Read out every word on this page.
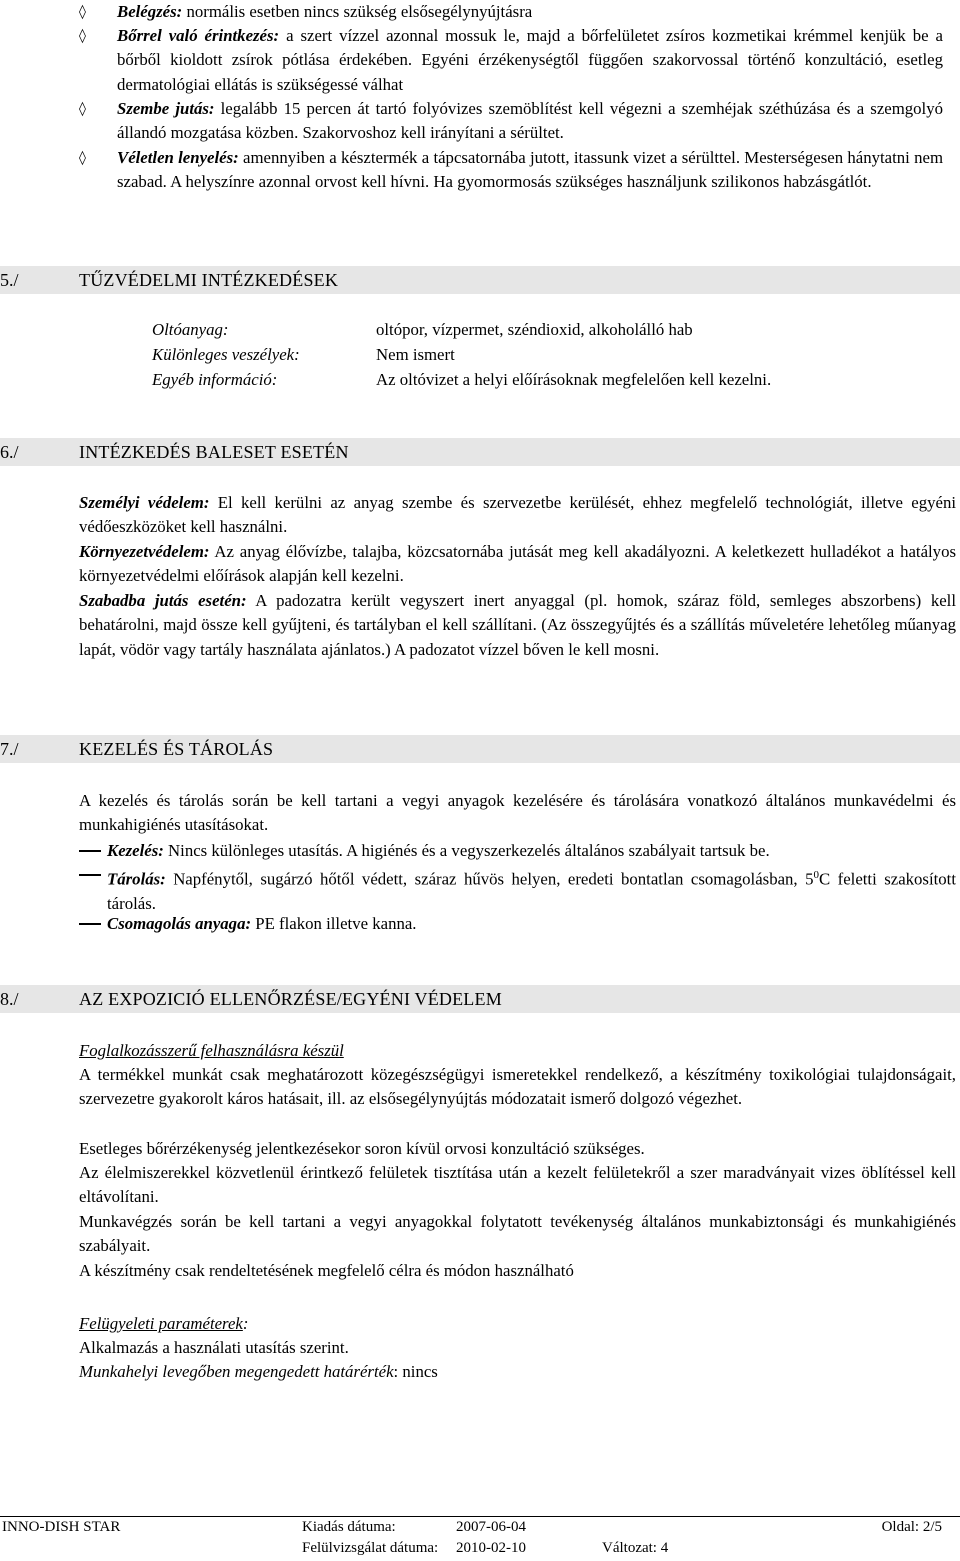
◊ Belégzés: normális esetben nincs szükség elsősegélynyújtásra
◊ Bőrrel való érintkezés: a szert vízzel azonnal mossuk le, majd a bőrfelületet zsíros kozmetikai krémmel kenjük be a bőrből kioldott zsírok pótlása érdekében. Egyéni érzékenységtől függően szakorvossal történő konzultáció, esetleg dermatológiai ellátás is szükségessé válhat
◊ Szembe jutás: legalább 15 percen át tartó folyóvizes szemöblítést kell végezni a szemhéjak széthúzása és a szemgolyó állandó mozgatása közben. Szakorvoshoz kell irányítani a sérültet.
◊ Véletlen lenyelés: amennyiben a késztermék a tápcsatornába jutott, itassunk vizet a sérülttel. Mesterségesen hánytatni nem szabad. A helyszínre azonnal orvost kell hívni. Ha gyomormosás szükséges használjunk szilikonos habzásgátlót.
5./	TŰZVÉDELMI INTÉZKEDÉSEK
Oltóanyag:	oltópor, vízpermet, széndioxid, alkoholálló hab
Különleges veszélyek:	Nem ismert
Egyéb információ:	Az oltóvizet a helyi előírásoknak megfelelően kell kezelni.
6./	INTÉZKEDÉS BALESET ESETÉN
Személyi védelem: El kell kerülni az anyag szembe és szervezetbe kerülését, ehhez megfelelő technológiát, illetve egyéni védőeszközöket kell használni.
Környezetvédelem: Az anyag élővízbe, talajba, közcsatornába jutását meg kell akadályozni. A keletkezett hulladékot a hatályos környezetvédelmi előírások alapján kell kezelni.
Szabadba jutás esetén: A padozatra került vegyszert inert anyaggal (pl. homok, száraz föld, semleges abszorbens) kell behatárolni, majd össze kell gyűjteni, és tartályban el kell szállítani. (Az összegyűjtés és a szállítás műveletére lehetőleg műanyag lapát, vödör vagy tartály használata ajánlatos.) A padozatot vízzel bőven le kell mosni.
7./	KEZELÉS ÉS TÁROLÁS
A kezelés és tárolás során be kell tartani a vegyi anyagok kezelésére és tárolására vonatkozó általános munkavédelmi és munkahigiénés utasításokat.
Kezelés: Nincs különleges utasítás. A higiénés és a vegyszerkezelés általános szabályait tartsuk be.
Tárolás: Napfénytől, sugárzó hőtől védett, száraz hűvös helyen, eredeti bontatlan csomagolásban, $5^0C$ feletti szakosított tárolás.
Csomagolás anyaga: PE flakon illetve kanna.
8./	AZ EXPOZICIÓ ELLENŐRZÉSE/EGYÉNI VÉDELEM
Foglalkozásszerű felhasználásra készül
A termékkel munkát csak meghatározott közegészségügyi ismeretekkel rendelkező, a készítmény toxikológiai tulajdonságait, szervezetre gyakorolt káros hatásait, ill. az elsősegélynyújtás módozatait ismerő dolgozó végezhet.
Esetleges bőrérzékenység jelentkezésekor soron kívül orvosi konzultáció szükséges.
Az élelmiszerekkel közvetlenül érintkező felületek tisztítása után a kezelt felületekről a szer maradványait vizes öblítéssel kell eltávolítani.
Munkavégzés során be kell tartani a vegyi anyagokkal folytatott tevékenység általános munkabiztonsági és munkahigiénés szabályait.
A készítmény csak rendeltetésének megfelelő célra és módon használható
Felügyeleti paraméterek:
Alkalmazás a használati utasítás szerint.
Munkahelyi levegőben megengedett határérték: nincs
INNO-DISH STAR	Kiadás dátuma:	2007-06-04	Oldal: 2/5
Felülvizsgálat dátuma: 2010-02-10	Változat: 4
